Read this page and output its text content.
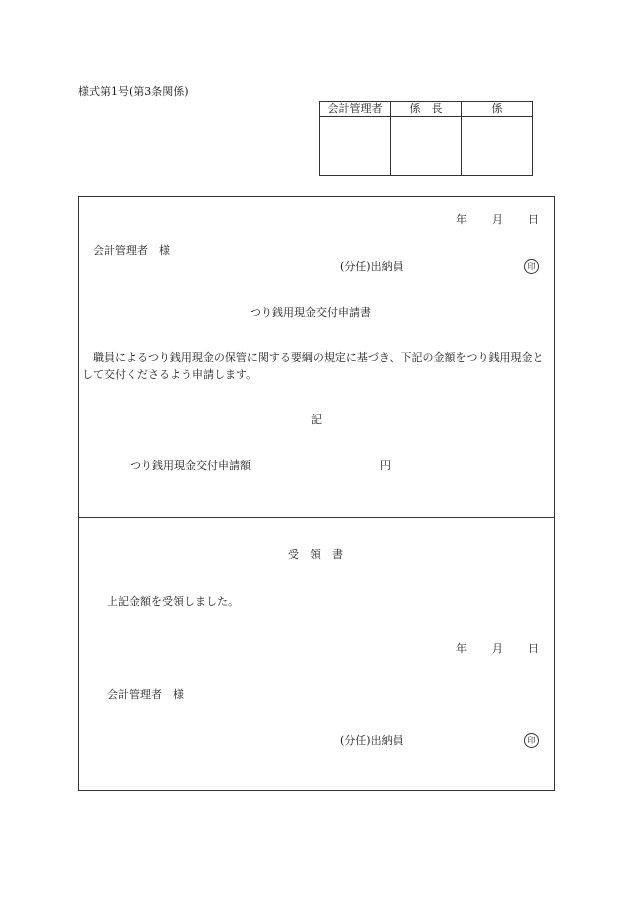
様式第1号(第3条関係)
会計管理者	係　長	係

年 月 日
会計管理者　様
(分任)出納員	印
つり銭用現金交付申請書
職員によるつり銭用現金の保管に関する要綱の規定に基づき、下記の金額をつり銭用現金として交付くださるよう申請します。
記
つり銭用現金交付申請額	円
受　領　書
上記金額を受領しました。
年 月 日
会計管理者　様
(分任)出納員	印
